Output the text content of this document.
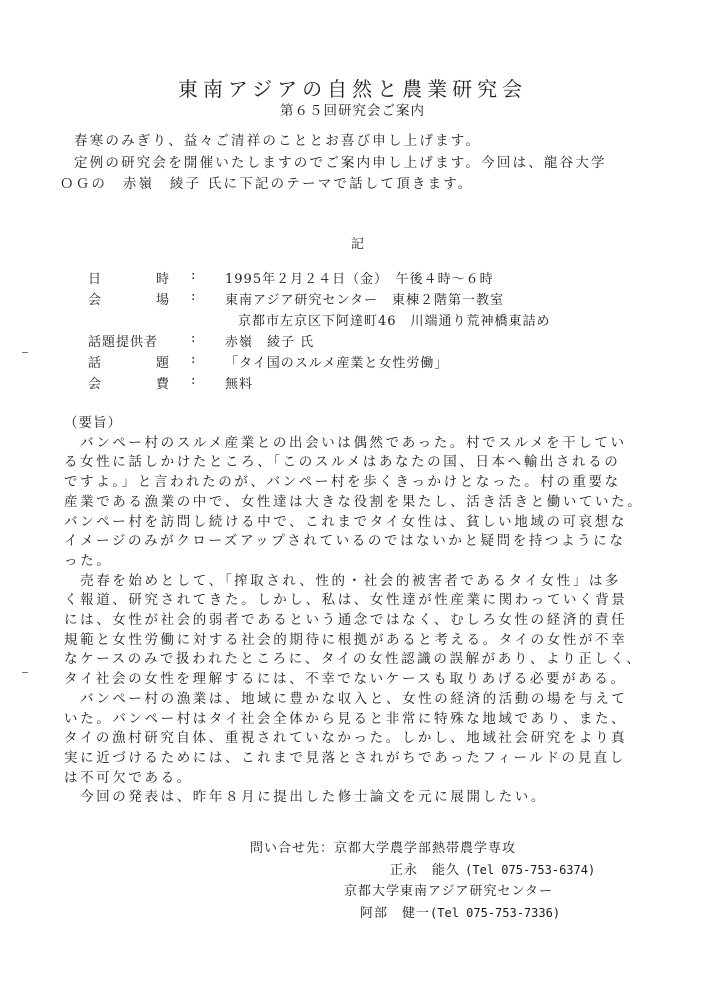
東南アジアの自然と農業研究会
第６５回研究会ご案内

春寒のみぎり、益々ご清祥のこととお喜び申し上げます。

定例の研究会を開催いたしますのでご案内申し上げます。今回は、龍谷大学

ＯＧの　赤嶺　綾子 氏に下記のテーマで話して頂きます。

記
日	時 : 1995年２月２４日（金）　午後４時～６時
会	場 : 東南アジア研究センター　東棟２階第一教室
京都市左京区下阿達町46　川端通り荒神橋東詰め
話題提供者	: 赤嶺　綾子 氏
話	題 : 「タイ国のスルメ産業と女性労働」
会	費 : 無料

（要旨）

　バンペー村のスルメ産業との出会いは偶然であった。村でスルメを干してい

る女性に話しかけたところ、「このスルメはあなたの国、日本へ輸出されるの

ですよ。」と言われたのが、バンペー村を歩くきっかけとなった。村の重要な

産業である漁業の中で、女性達は大きな役割を果たし、活き活きと働いていた。

バンペー村を訪問し続ける中で、これまでタイ女性は、貧しい地域の可哀想な

イメージのみがクローズアップされているのではないかと疑問を持つようにな

った。

　売春を始めとして、「搾取され、性的・社会的被害者であるタイ女性」は多

く報道、研究されてきた。しかし、私は、女性達が性産業に関わっていく背景

には、女性が社会的弱者であるという通念ではなく、むしろ女性の経済的責任

規範と女性労働に対する社会的期待に根拠があると考える。タイの女性が不幸

なケースのみで扱われたところに、タイの女性認識の誤解があり、より正しく、

タイ社会の女性を理解するには、不幸でないケースも取りあげる必要がある。

　バンペー村の漁業は、地域に豊かな収入と、女性の経済的活動の場を与えて

いた。バンペー村はタイ社会全体から見ると非常に特殊な地域であり、また、

タイの漁村研究自体、重視されていなかった。しかし、地域社会研究をより真

実に近づけるためには、これまで見落とされがちであったフィールドの見直し

は不可欠である。

　今回の発表は、昨年８月に提出した修士論文を元に展開したい。

問い合せ先：京都大学農学部熱帯農学専攻
正永　能久 (Tel 075-753-6374)
京都大学東南アジア研究センター
阿部　健一(Tel 075-753-7336)
